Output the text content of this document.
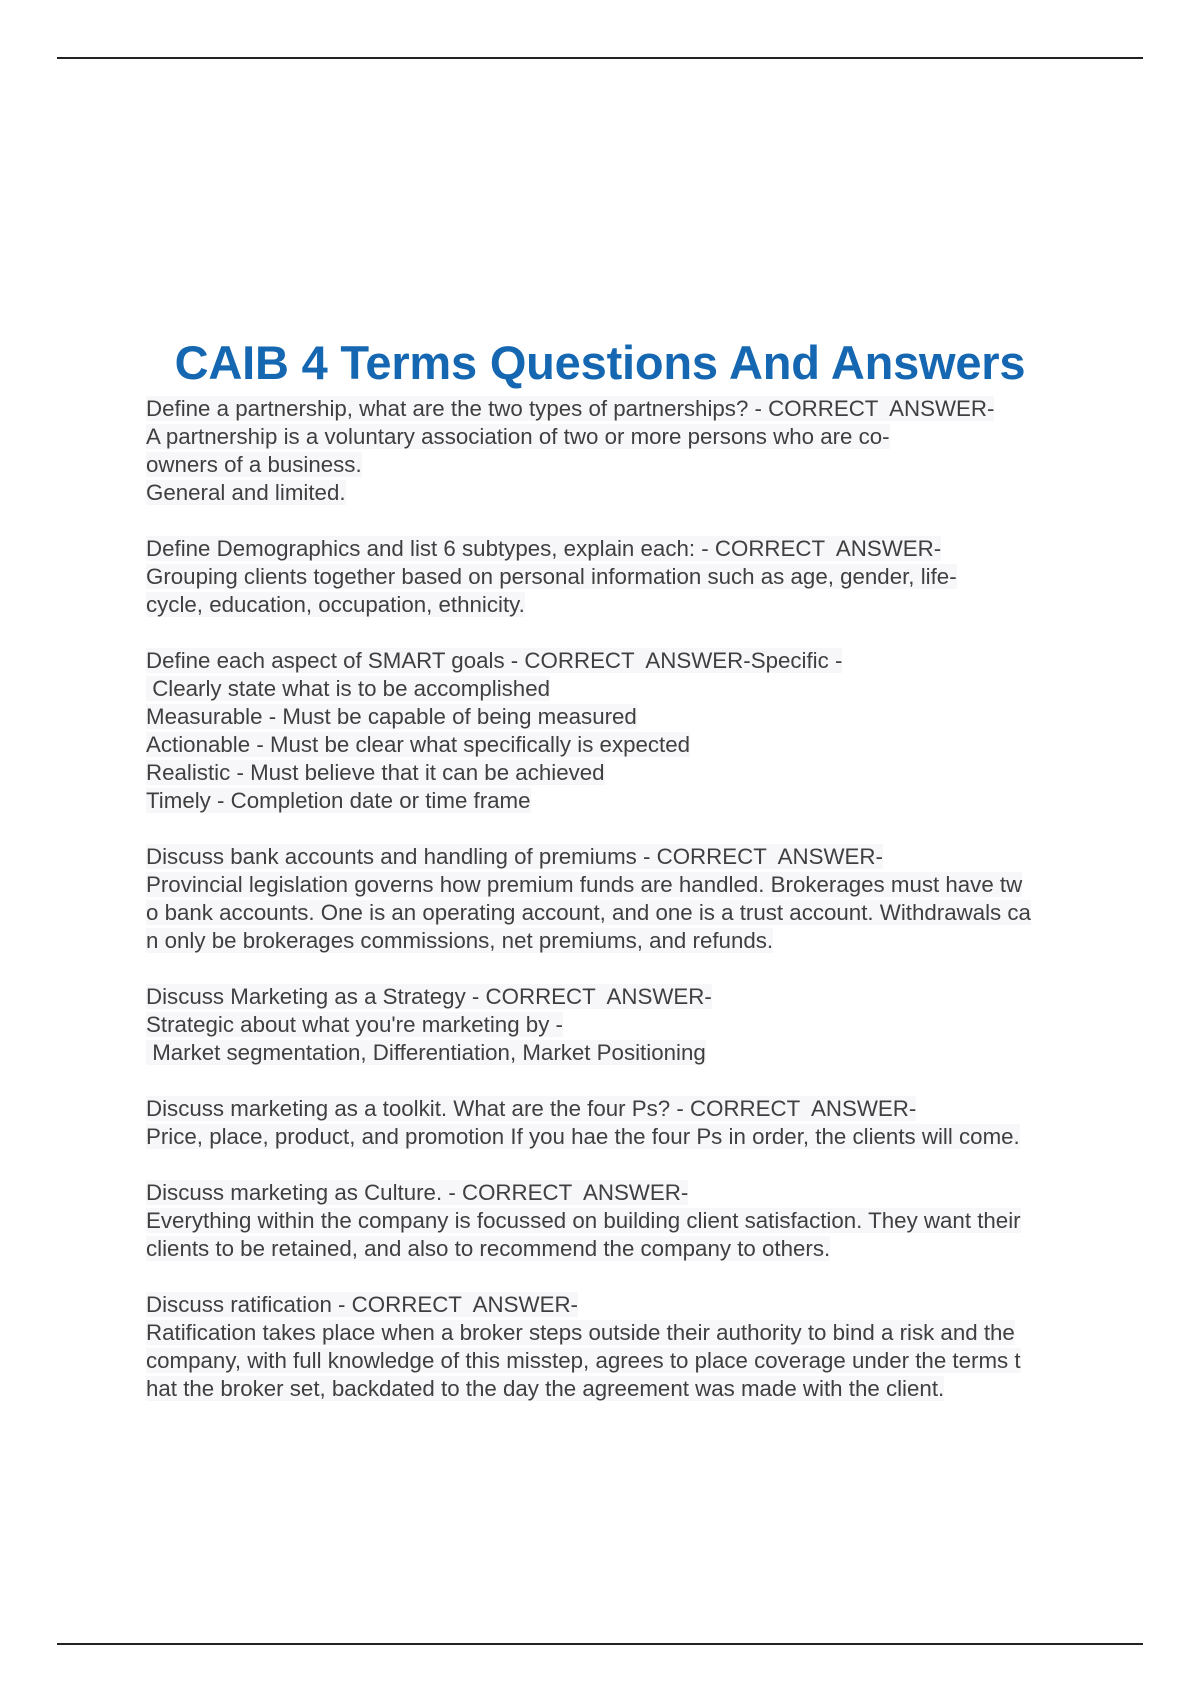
CAIB 4 Terms Questions And Answers
Define a partnership, what are the two types of partnerships? - CORRECT  ANSWER-
A partnership is a voluntary association of two or more persons who are co-
owners of a business.
General and limited.
Define Demographics and list 6 subtypes, explain each: - CORRECT  ANSWER-
Grouping clients together based on personal information such as age, gender, life-
cycle, education, occupation, ethnicity.
Define each aspect of SMART goals - CORRECT  ANSWER-Specific -
Clearly state what is to be accomplished
Measurable - Must be capable of being measured
Actionable - Must be clear what specifically is expected
Realistic - Must believe that it can be achieved
Timely - Completion date or time frame
Discuss bank accounts and handling of premiums - CORRECT  ANSWER-
Provincial legislation governs how premium funds are handled. Brokerages must have tw
o bank accounts. One is an operating account, and one is a trust account. Withdrawals ca
n only be brokerages commissions, net premiums, and refunds.
Discuss Marketing as a Strategy - CORRECT  ANSWER-
Strategic about what you're marketing by -
Market segmentation, Differentiation, Market Positioning
Discuss marketing as a toolkit. What are the four Ps? - CORRECT  ANSWER-
Price, place, product, and promotion If you hae the four Ps in order, the clients will come.
Discuss marketing as Culture. - CORRECT  ANSWER-
Everything within the company is focussed on building client satisfaction. They want their
clients to be retained, and also to recommend the company to others.
Discuss ratification - CORRECT  ANSWER-
Ratification takes place when a broker steps outside their authority to bind a risk and the
company, with full knowledge of this misstep, agrees to place coverage under the terms t
hat the broker set, backdated to the day the agreement was made with the client.
